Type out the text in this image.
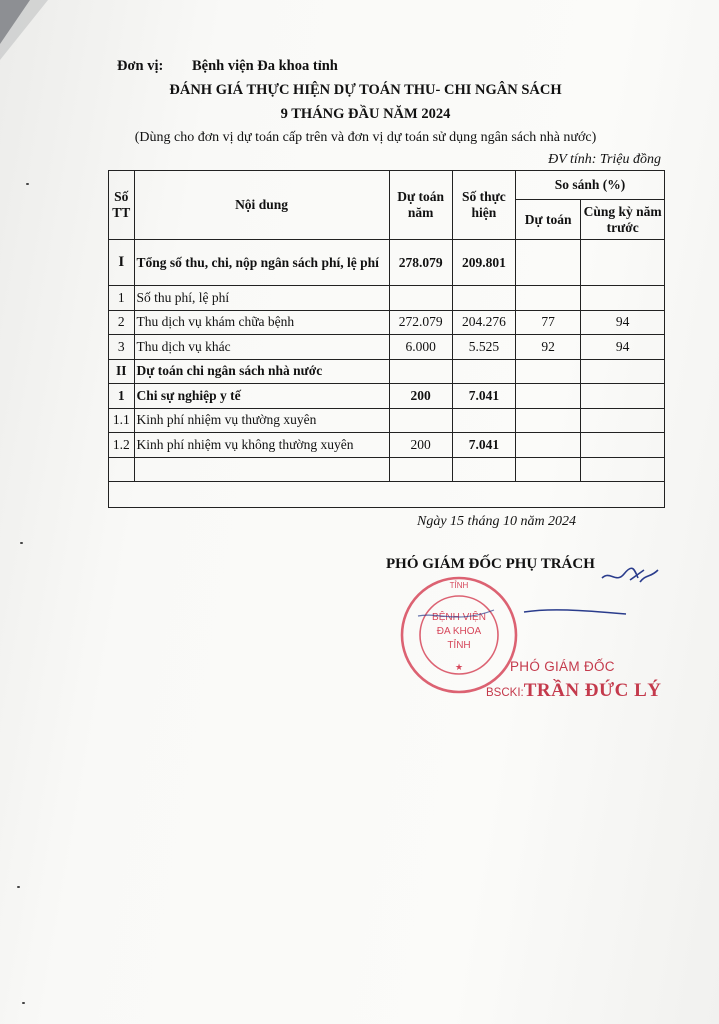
Đơn vị: Bệnh viện Đa khoa tỉnh
ĐÁNH GIÁ THỰC HIỆN DỰ TOÁN THU- CHI NGÂN SÁCH
9 THÁNG ĐẦU NĂM 2024
(Dùng cho đơn vị dự toán cấp trên và đơn vị dự toán sử dụng ngân sách nhà nước)
ĐV tính: Triệu đồng
Số TT	Nội dung	Dự toán năm	Số thực hiện	So sánh (%)	
				Dự toán	Cùng kỳ năm trước
I	Tổng số thu, chi, nộp ngân sách phí, lệ phí	278.079	209.801		
1	Số thu phí, lệ phí				
2	Thu dịch vụ khám chữa bệnh	272.079	204.276	77	94
3	Thu dịch vụ khác	6.000	5.525	92	94
II	Dự toán chi ngân sách nhà nước				
1	Chi sự nghiệp y tế	200	7.041		
1.1	Kinh phí nhiệm vụ thường xuyên				
1.2	Kinh phí nhiệm vụ không thường xuyên	200	7.041		

Ngày 15 tháng 10 năm 2024
PHÓ GIÁM ĐỐC PHỤ TRÁCH
TỈNH
BỆNH VIỆN
ĐA KHOA
TỈNH
★	PHÓ GIÁM ĐỐC
BSCKI:TRẦN ĐỨC LÝ
